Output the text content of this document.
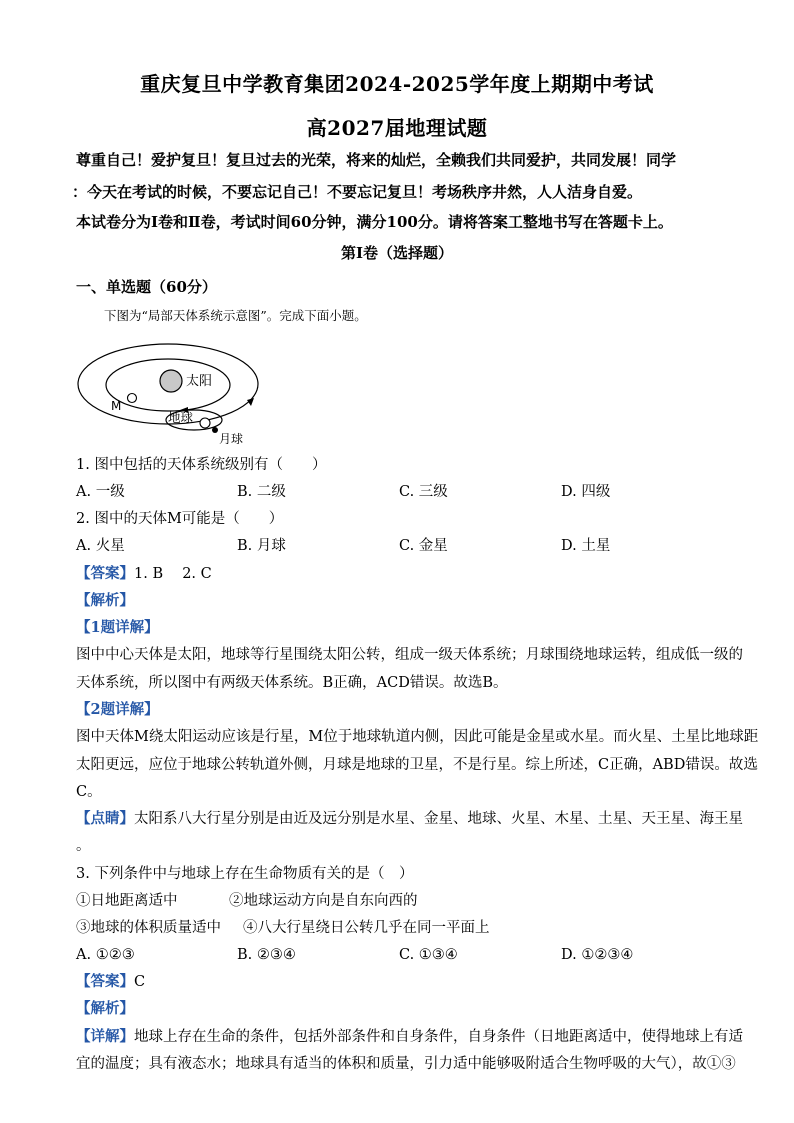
重庆复旦中学教育集团2024-2025学年度上期期中考试
高2027届地理试题
尊重自己！爱护复旦！复旦过去的光荣，将来的灿烂，全赖我们共同爱护，共同发展！同学
：今天在考试的时候，不要忘记自己！不要忘记复旦！考场秩序井然，人人洁身自爱。
本试卷分为Ⅰ卷和Ⅱ卷，考试时间60分钟，满分100分。请将答案工整地书写在答题卡上。
第Ⅰ卷（选择题）
一、单选题（60分）
下图为“局部天体系统示意图”。完成下面小题。
太阳
M
地球
月球
1. 图中包括的天体系统级别有（　　）
A. 一级	B. 二级	C. 三级	D. 四级
2. 图中的天体M可能是（　　）
A. 火星	B. 月球	C. 金星	D. 土星
【答案】1. B　 2. C
【解析】
【1题详解】
图中中心天体是太阳，地球等行星围绕太阳公转，组成一级天体系统；月球围绕地球运转，组成低一级的
天体系统，所以图中有两级天体系统。B正确，ACD错误。故选B。
【2题详解】
图中天体M绕太阳运动应该是行星，M位于地球轨道内侧，因此可能是金星或水星。而火星、土星比地球距
太阳更远，应位于地球公转轨道外侧，月球是地球的卫星，不是行星。综上所述，C正确，ABD错误。故选
C。
【点睛】太阳系八大行星分别是由近及远分别是水星、金星、地球、火星、木星、土星、天王星、海王星
。
3. 下列条件中与地球上存在生命物质有关的是（　）
①日地距离适中	②地球运动方向是自东向西的
③地球的体积质量适中 ④八大行星绕日公转几乎在同一平面上
A. ①②③	B. ②③④	C. ①③④	D. ①②③④
【答案】C
【解析】
【详解】地球上存在生命的条件，包括外部条件和自身条件，自身条件（日地距离适中，使得地球上有适
宜的温度；具有液态水；地球具有适当的体积和质量，引力适中能够吸附适合生物呼吸的大气），故①③
